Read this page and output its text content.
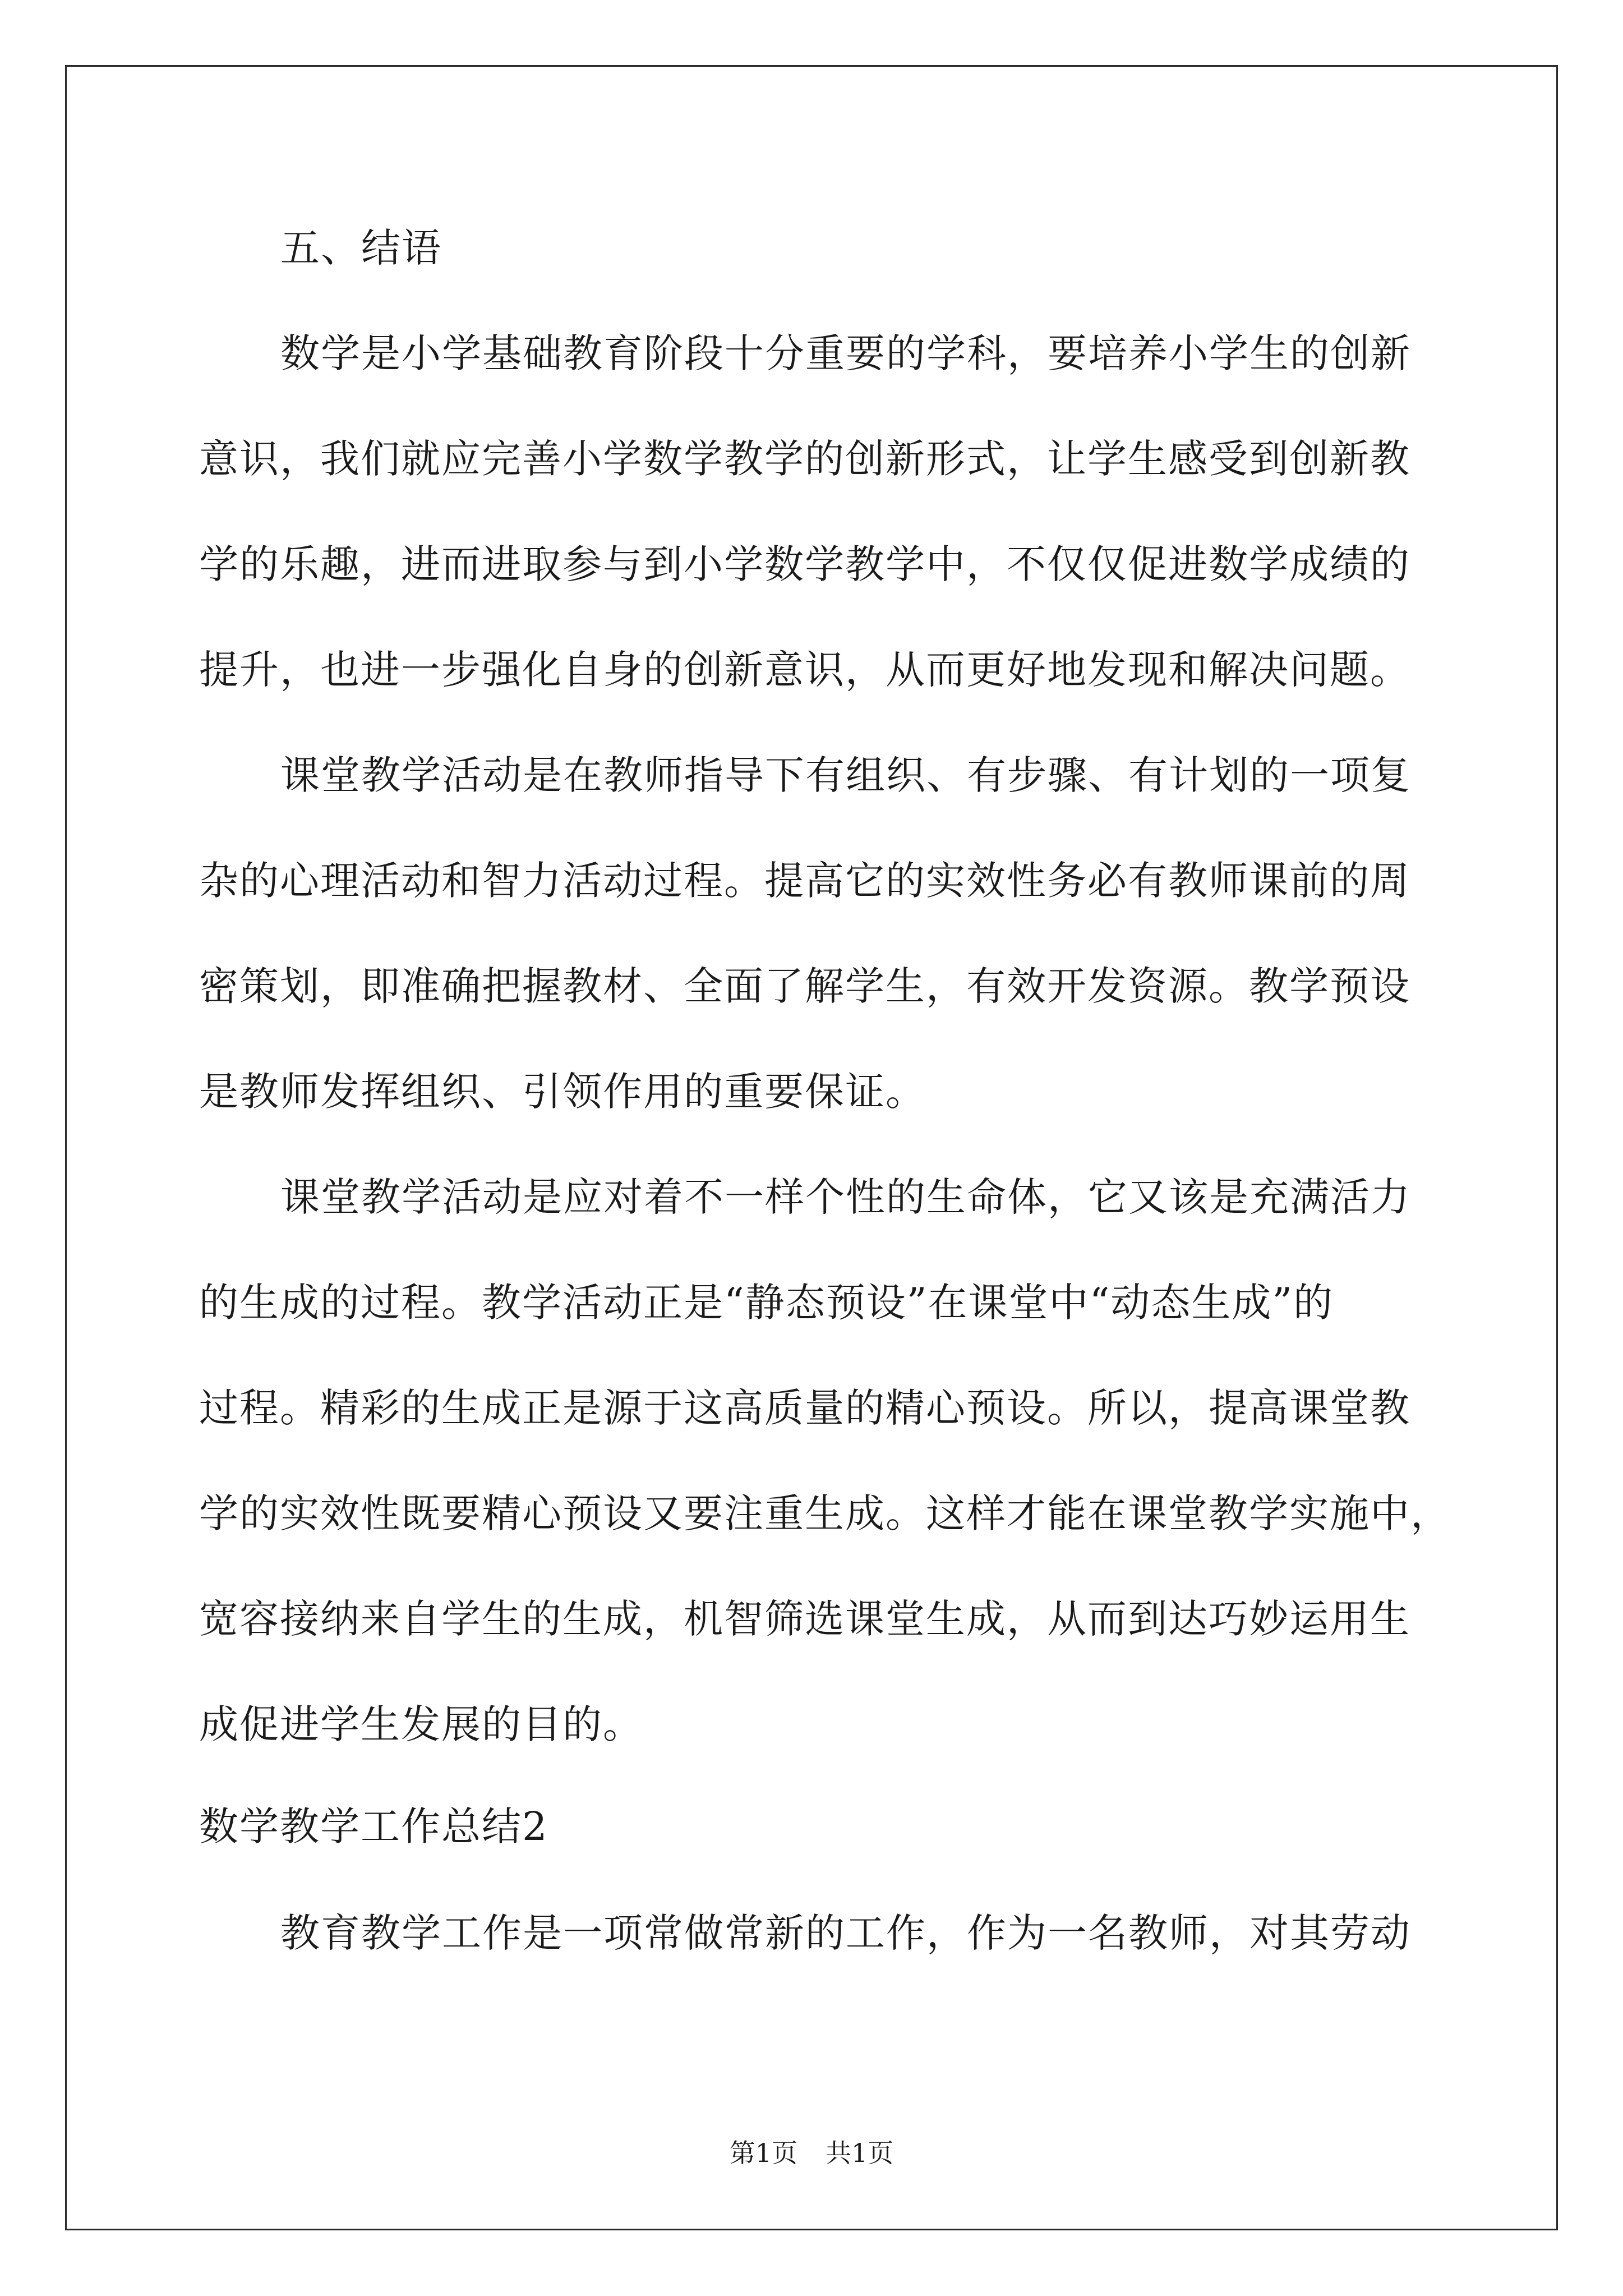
五、结语
数学是小学基础教育阶段十分重要的学科，要培养小学生的创新
意识，我们就应完善小学数学教学的创新形式，让学生感受到创新教
学的乐趣，进而进取参与到小学数学教学中，不仅仅促进数学成绩的
提升，也进一步强化自身的创新意识，从而更好地发现和解决问题。
课堂教学活动是在教师指导下有组织、有步骤、有计划的一项复
杂的心理活动和智力活动过程。提高它的实效性务必有教师课前的周
密策划，即准确把握教材、全面了解学生，有效开发资源。教学预设
是教师发挥组织、引领作用的重要保证。
课堂教学活动是应对着不一样个性的生命体，它又该是充满活力
的生成的过程。教学活动正是“静态预设”在课堂中“动态生成”的
过程。精彩的生成正是源于这高质量的精心预设。所以，提高课堂教
学的实效性既要精心预设又要注重生成。这样才能在课堂教学实施中，
宽容接纳来自学生的生成，机智筛选课堂生成，从而到达巧妙运用生
成促进学生发展的目的。
数学教学工作总结2
教育教学工作是一项常做常新的工作，作为一名教师，对其劳动
第1页 共1页
